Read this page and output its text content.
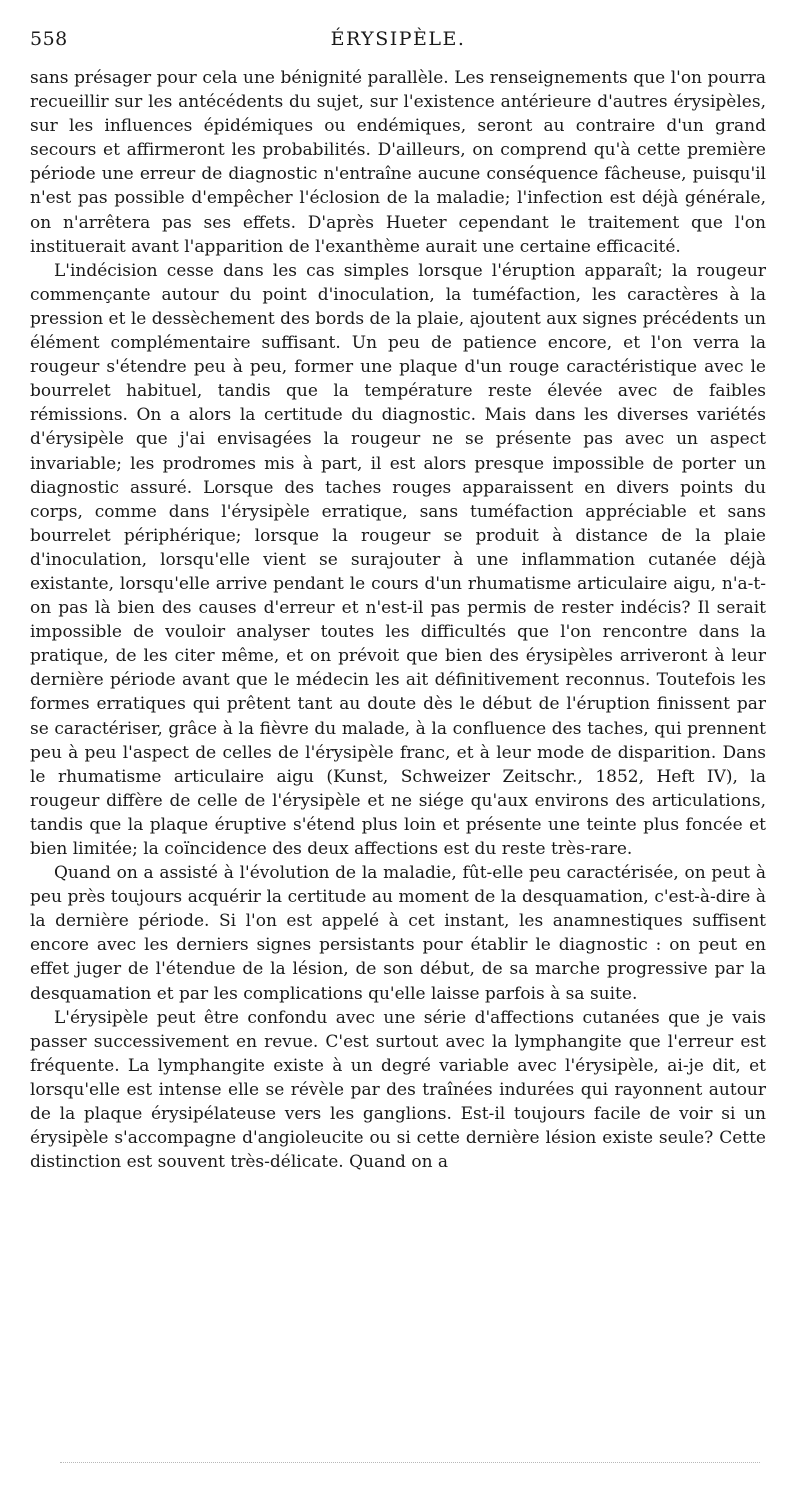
558	ÉRYSIPÈLE.

sans présager pour cela une bénignité parallèle. Les renseignements que l'on pourra recueillir sur les antécédents du sujet, sur l'existence antérieure d'autres érysipèles, sur les influences épidémiques ou endémiques, seront au contraire d'un grand secours et affirmeront les probabilités. D'ailleurs, on comprend qu'à cette première période une erreur de diagnostic n'entraîne aucune conséquence fâcheuse, puisqu'il n'est pas possible d'empêcher l'éclosion de la maladie; l'infection est déjà générale, on n'arrêtera pas ses effets. D'après Hueter cependant le traitement que l'on instituerait avant l'apparition de l'exanthème aurait une certaine efficacité.

L'indécision cesse dans les cas simples lorsque l'éruption apparaît; la rougeur commençante autour du point d'inoculation, la tuméfaction, les caractères à la pression et le dessèchement des bords de la plaie, ajoutent aux signes précédents un élément complémentaire suffisant. Un peu de patience encore, et l'on verra la rougeur s'étendre peu à peu, former une plaque d'un rouge caractéristique avec le bourrelet habituel, tandis que la température reste élevée avec de faibles rémissions. On a alors la certitude du diagnostic. Mais dans les diverses variétés d'érysipèle que j'ai envisagées la rougeur ne se présente pas avec un aspect invariable; les prodromes mis à part, il est alors presque impossible de porter un diagnostic assuré. Lorsque des taches rouges apparaissent en divers points du corps, comme dans l'érysipèle erratique, sans tuméfaction appréciable et sans bourrelet périphérique; lorsque la rougeur se produit à distance de la plaie d'inoculation, lorsqu'elle vient se surajouter à une inflammation cutanée déjà existante, lorsqu'elle arrive pendant le cours d'un rhumatisme articulaire aigu, n'a-t-on pas là bien des causes d'erreur et n'est-il pas permis de rester indécis? Il serait impossible de vouloir analyser toutes les difficultés que l'on rencontre dans la pratique, de les citer même, et on prévoit que bien des érysipèles arriveront à leur dernière période avant que le médecin les ait définitivement reconnus. Toutefois les formes erratiques qui prêtent tant au doute dès le début de l'éruption finissent par se caractériser, grâce à la fièvre du malade, à la confluence des taches, qui prennent peu à peu l'aspect de celles de l'érysipèle franc, et à leur mode de disparition. Dans le rhumatisme articulaire aigu (Kunst, Schweizer Zeitschr., 1852, Heft IV), la rougeur diffère de celle de l'érysipèle et ne siége qu'aux environs des articulations, tandis que la plaque éruptive s'étend plus loin et présente une teinte plus foncée et bien limitée; la coïncidence des deux affections est du reste très-rare.

Quand on a assisté à l'évolution de la maladie, fût-elle peu caractérisée, on peut à peu près toujours acquérir la certitude au moment de la desquamation, c'est-à-dire à la dernière période. Si l'on est appelé à cet instant, les anamnestiques suffisent encore avec les derniers signes persistants pour établir le diagnostic : on peut en effet juger de l'étendue de la lésion, de son début, de sa marche progressive par la desquamation et par les complications qu'elle laisse parfois à sa suite.

L'érysipèle peut être confondu avec une série d'affections cutanées que je vais passer successivement en revue. C'est surtout avec la lymphangite que l'erreur est fréquente. La lymphangite existe à un degré variable avec l'érysipèle, ai-je dit, et lorsqu'elle est intense elle se révèle par des traînées indurées qui rayonnent autour de la plaque érysipélateuse vers les ganglions. Est-il toujours facile de voir si un érysipèle s'accompagne d'angioleucite ou si cette dernière lésion existe seule? Cette distinction est souvent très-délicate. Quand on a
